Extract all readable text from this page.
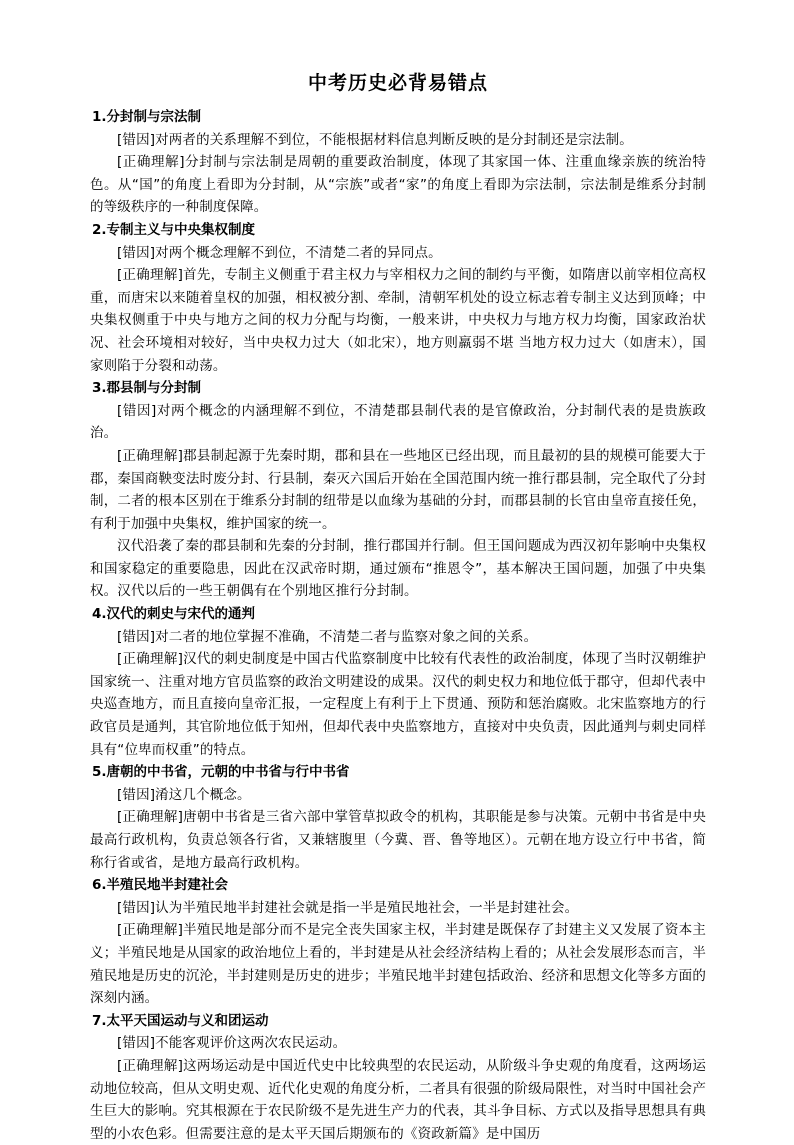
中考历史必背易错点

1.分封制与宗法制

[错因]对两者的关系理解不到位，不能根据材料信息判断反映的是分封制还是宗法制。

[正确理解]分封制与宗法制是周朝的重要政治制度，体现了其家国一体、注重血缘亲族的统治特色。从“国”的角度上看即为分封制，从“宗族”或者“家”的角度上看即为宗法制，宗法制是维系分封制的等级秩序的一种制度保障。

2.专制主义与中央集权制度

[错因]对两个概念理解不到位，不清楚二者的异同点。

[正确理解]首先，专制主义侧重于君主权力与宰相权力之间的制约与平衡，如隋唐以前宰相位高权重，而唐宋以来随着皇权的加强，相权被分割、牵制，清朝军机处的设立标志着专制主义达到顶峰；中央集权侧重于中央与地方之间的权力分配与均衡，一般来讲，中央权力与地方权力均衡，国家政治状况、社会环境相对较好，当中央权力过大（如北宋），地方则羸弱不堪 当地方权力过大（如唐末），国家则陷于分裂和动荡。

3.郡县制与分封制

[错因]对两个概念的内涵理解不到位，不清楚郡县制代表的是官僚政治，分封制代表的是贵族政治。

[正确理解]郡县制起源于先秦时期，郡和县在一些地区已经出现，而且最初的县的规模可能要大于郡，秦国商鞅变法时废分封、行县制，秦灭六国后开始在全国范围内统一推行郡县制，完全取代了分封制，二者的根本区别在于维系分封制的纽带是以血缘为基础的分封，而郡县制的长官由皇帝直接任免，有利于加强中央集权，维护国家的统一。

汉代沿袭了秦的郡县制和先秦的分封制，推行郡国并行制。但王国问题成为西汉初年影响中央集权和国家稳定的重要隐患，因此在汉武帝时期，通过颁布“推恩令”，基本解决王国问题，加强了中央集权。汉代以后的一些王朝偶有在个别地区推行分封制。

4.汉代的刺史与宋代的通判

[错因]对二者的地位掌握不准确，不清楚二者与监察对象之间的关系。

[正确理解]汉代的刺史制度是中国古代监察制度中比较有代表性的政治制度，体现了当时汉朝维护国家统一、注重对地方官员监察的政治文明建设的成果。汉代的刺史权力和地位低于郡守，但却代表中央巡查地方，而且直接向皇帝汇报，一定程度上有利于上下贯通、预防和惩治腐败。北宋监察地方的行政官员是通判，其官阶地位低于知州，但却代表中央监察地方，直接对中央负责，因此通判与刺史同样具有“位卑而权重”的特点。

5.唐朝的中书省，元朝的中书省与行中书省

[错因]淆这几个概念。

[正确理解]唐朝中书省是三省六部中掌管草拟政令的机构，其职能是参与决策。元朝中书省是中央最高行政机构，负责总领各行省，又兼辖腹里（今冀、晋、鲁等地区）。元朝在地方设立行中书省，简称行省或省，是地方最高行政机构。

6.半殖民地半封建社会

[错因]认为半殖民地半封建社会就是指一半是殖民地社会，一半是封建社会。

[正确理解]半殖民地是部分而不是完全丧失国家主权，半封建是既保存了封建主义又发展了资本主义；半殖民地是从国家的政治地位上看的，半封建是从社会经济结构上看的；从社会发展形态而言，半殖民地是历史的沉沦，半封建则是历史的进步；半殖民地半封建包括政治、经济和思想文化等多方面的深刻内涵。

7.太平天国运动与义和团运动

[错因]不能客观评价这两次农民运动。

[正确理解]这两场运动是中国近代史中比较典型的农民运动，从阶级斗争史观的角度看，这两场运动地位较高，但从文明史观、近代化史观的角度分析，二者具有很强的阶级局限性，对当时中国社会产生巨大的影响。究其根源在于农民阶级不是先进生产力的代表，其斗争目标、方式以及指导思想具有典型的小农色彩。但需要注意的是太平天国后期颁布的《资政新篇》是中国历
